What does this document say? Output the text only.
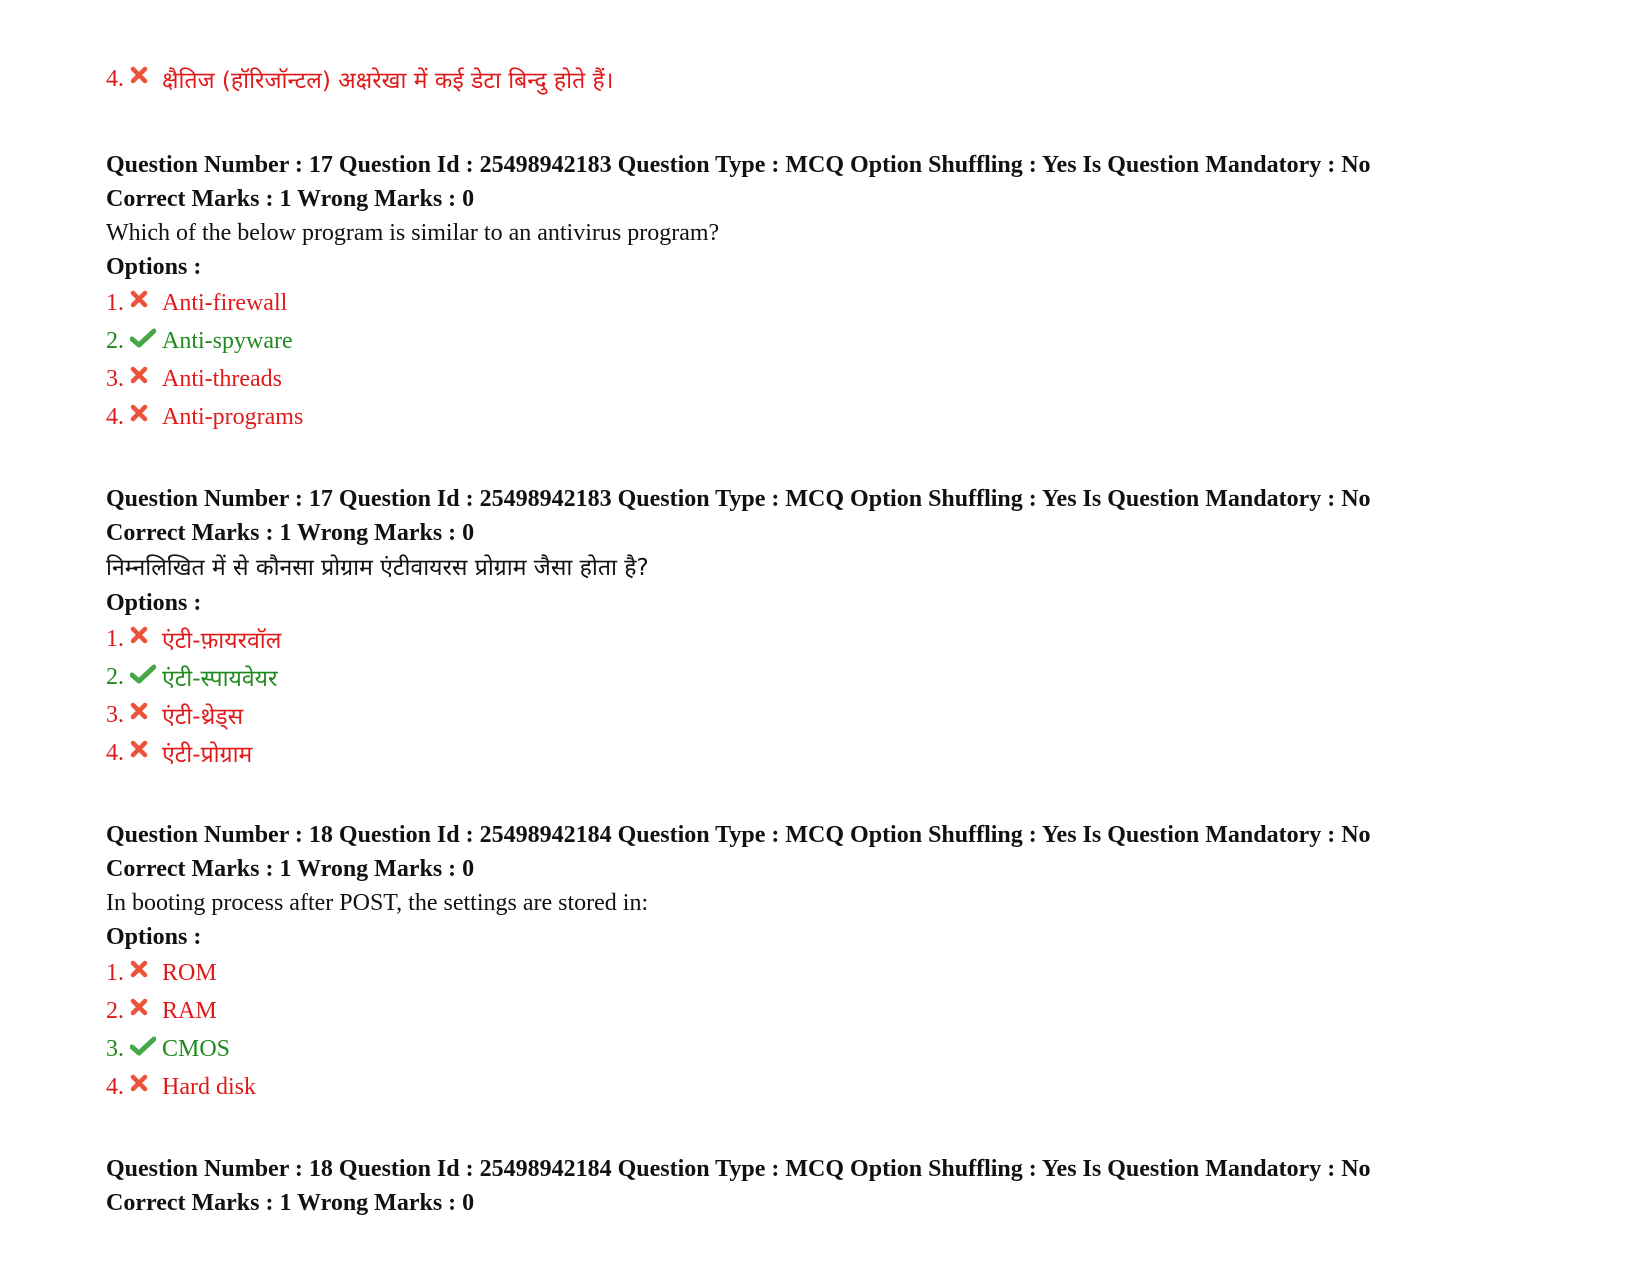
4. क्षैतिज (हॉरिजॉन्टल) अक्षरेखा में कई डेटा बिन्दु होते हैं।
Question Number : 17 Question Id : 25498942183 Question Type : MCQ Option Shuffling : Yes Is Question Mandatory : No
Correct Marks : 1 Wrong Marks : 0
Which of the below program is similar to an antivirus program?
Options :
1. Anti-firewall
2. Anti-spyware
3. Anti-threads
4. Anti-programs
Question Number : 17 Question Id : 25498942183 Question Type : MCQ Option Shuffling : Yes Is Question Mandatory : No
Correct Marks : 1 Wrong Marks : 0
निम्नलिखित में से कौनसा प्रोग्राम एंटीवायरस प्रोग्राम जैसा होता है?
Options :
1. एंटी-फ़ायरवॉल
2. एंटी-स्पायवेयर
3. एंटी-थ्रेड्स
4. एंटी-प्रोग्राम
Question Number : 18 Question Id : 25498942184 Question Type : MCQ Option Shuffling : Yes Is Question Mandatory : No
Correct Marks : 1 Wrong Marks : 0
In booting process after POST, the settings are stored in:
Options :
1. ROM
2. RAM
3. CMOS
4. Hard disk
Question Number : 18 Question Id : 25498942184 Question Type : MCQ Option Shuffling : Yes Is Question Mandatory : No
Correct Marks : 1 Wrong Marks : 0
